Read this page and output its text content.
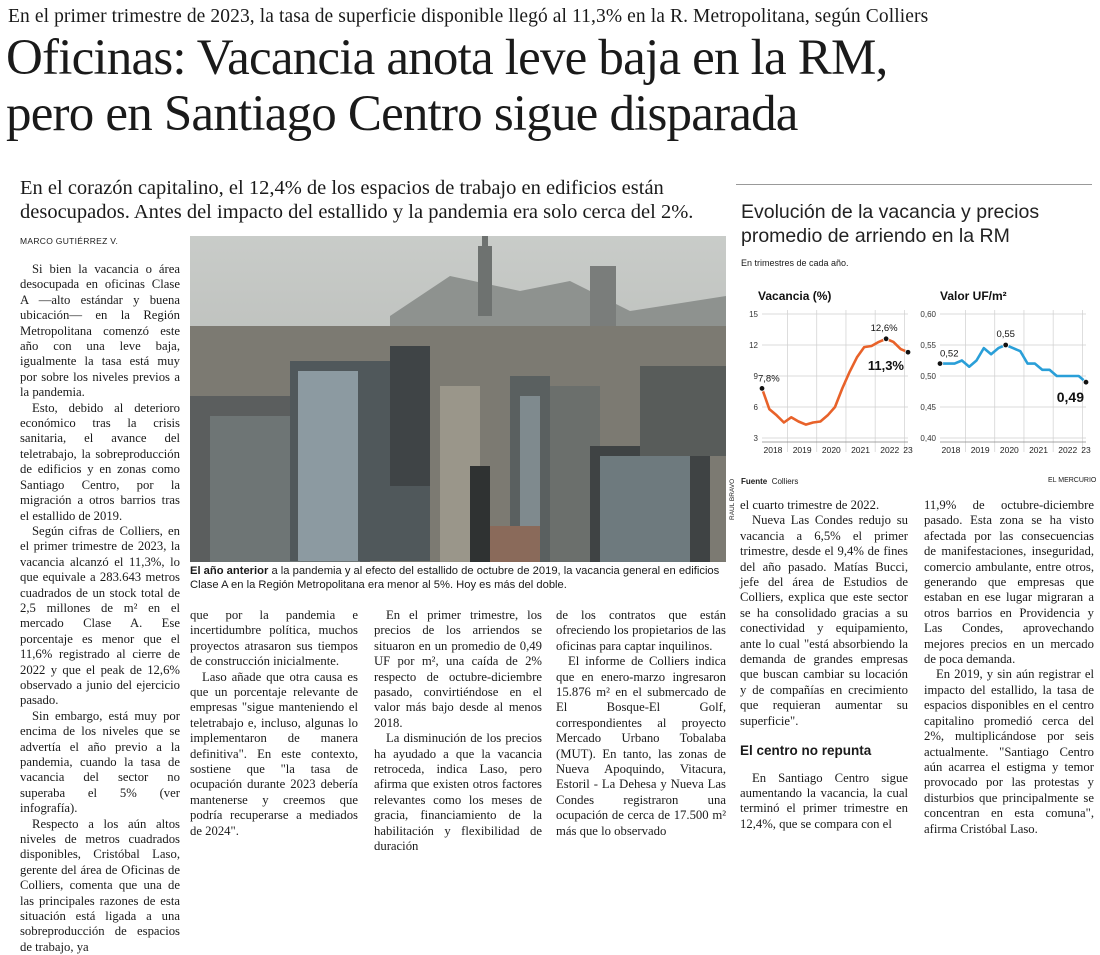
En el primer trimestre de 2023, la tasa de superficie disponible llegó al 11,3% en la R. Metropolitana, según Colliers
Oficinas: Vacancia anota leve baja en la RM,
pero en Santiago Centro sigue disparada
En el corazón capitalino, el 12,4% de los espacios de trabajo en edificios están
desocupados. Antes del impacto del estallido y la pandemia era solo cerca del 2%.
MARCO GUTIÉRREZ V.

Si bien la vacancia o área desocupada en oficinas Clase A —alto estándar y buena ubicación— en la Región Metropolitana comenzó este año con una leve baja, igualmente la tasa está muy por sobre los niveles previos a la pandemia.

Esto, debido al deterioro económico tras la crisis sanitaria, el avance del teletrabajo, la sobreproducción de edificios y en zonas como Santiago Centro, por la migración a otros barrios tras el estallido de 2019.

Según cifras de Colliers, en el primer trimestre de 2023, la vacancia alcanzó el 11,3%, lo que equivale a 283.643 metros cuadrados de un stock total de 2,5 millones de m² en el mercado Clase A. Ese porcentaje es menor que el 11,6% registrado al cierre de 2022 y que el peak de 12,6% observado a junio del ejercicio pasado.

Sin embargo, está muy por encima de los niveles que se advertía el año previo a la pandemia, cuando la tasa de vacancia del sector no superaba el 5% (ver infografía).

Respecto a los aún altos niveles de metros cuadrados disponibles, Cristóbal Laso, gerente del área de Oficinas de Colliers, comenta que una de las principales razones de esta situación está ligada a una sobreproducción de espacios de trabajo, ya

RAUL BRAVO
El año anterior a la pandemia y al efecto del estallido de octubre de 2019, la vacancia general en edificios Clase A en la Región Metropolitana era menor al 5%. Hoy es más del doble.

que por la pandemia e incertidumbre política, muchos proyectos atrasaron sus tiempos de construcción inicialmente.

Laso añade que otra causa es que un porcentaje relevante de empresas "sigue manteniendo el teletrabajo e, incluso, algunas lo implementaron de manera definitiva". En este contexto, sostiene que "la tasa de ocupación durante 2023 debería mantenerse y creemos que podría recuperarse a mediados de 2024".

En el primer trimestre, los precios de los arriendos se situaron en un promedio de 0,49 UF por m², una caída de 2% respecto de octubre-diciembre pasado, convirtiéndose en el valor más bajo desde al menos 2018.

La disminución de los precios ha ayudado a que la vacancia retroceda, indica Laso, pero afirma que existen otros factores relevantes como los meses de gracia, financiamiento de la habilitación y flexibilidad de duración

de los contratos que están ofreciendo los propietarios de las oficinas para captar inquilinos.

El informe de Colliers indica que en enero-marzo ingresaron 15.876 m² en el submercado de El Bosque-El Golf, correspondientes al proyecto Mercado Urbano Tobalaba (MUT). En tanto, las zonas de Nueva Apoquindo, Vitacura, Estoril - La Dehesa y Nueva Las Condes registraron una ocupación de cerca de 17.500 m² más que lo observado

Evolución de la vacancia y precios promedio de arriendo en la RM
En trimestres de cada año.
Vacancia (%)
3
6
9
12
15
2018 2019 2020 2021 2022 23
7,8%
12,6%
11,3%
Valor UF/m²
0,40
0,45
0,50
0,55
0,60
2018 2019 2020 2021 2022 23
0,52
0,55
0,49
Fuente Colliers	EL MERCURIO

el cuarto trimestre de 2022.

Nueva Las Condes redujo su vacancia a 6,5% el primer trimestre, desde el 9,4% de fines del año pasado. Matías Bucci, jefe del área de Estudios de Colliers, explica que este sector se ha consolidado gracias a su conectividad y equipamiento, ante lo cual "está absorbiendo la demanda de grandes empresas que buscan cambiar su locación y de compañías en crecimiento que requieran aumentar su superficie".

El centro no repunta

En Santiago Centro sigue aumentando la vacancia, la cual terminó el primer trimestre en 12,4%, que se compara con el

11,9% de octubre-diciembre pasado. Esta zona se ha visto afectada por las consecuencias de manifestaciones, inseguridad, comercio ambulante, entre otros, generando que empresas que estaban en ese lugar migraran a otros barrios en Providencia y Las Condes, aprovechando mejores precios en un mercado de poca demanda.

En 2019, y sin aún registrar el impacto del estallido, la tasa de espacios disponibles en el centro capitalino promedió cerca del 2%, multiplicándose por seis actualmente. "Santiago Centro aún acarrea el estigma y temor provocado por las protestas y disturbios que principalmente se concentran en esta comuna", afirma Cristóbal Laso.
